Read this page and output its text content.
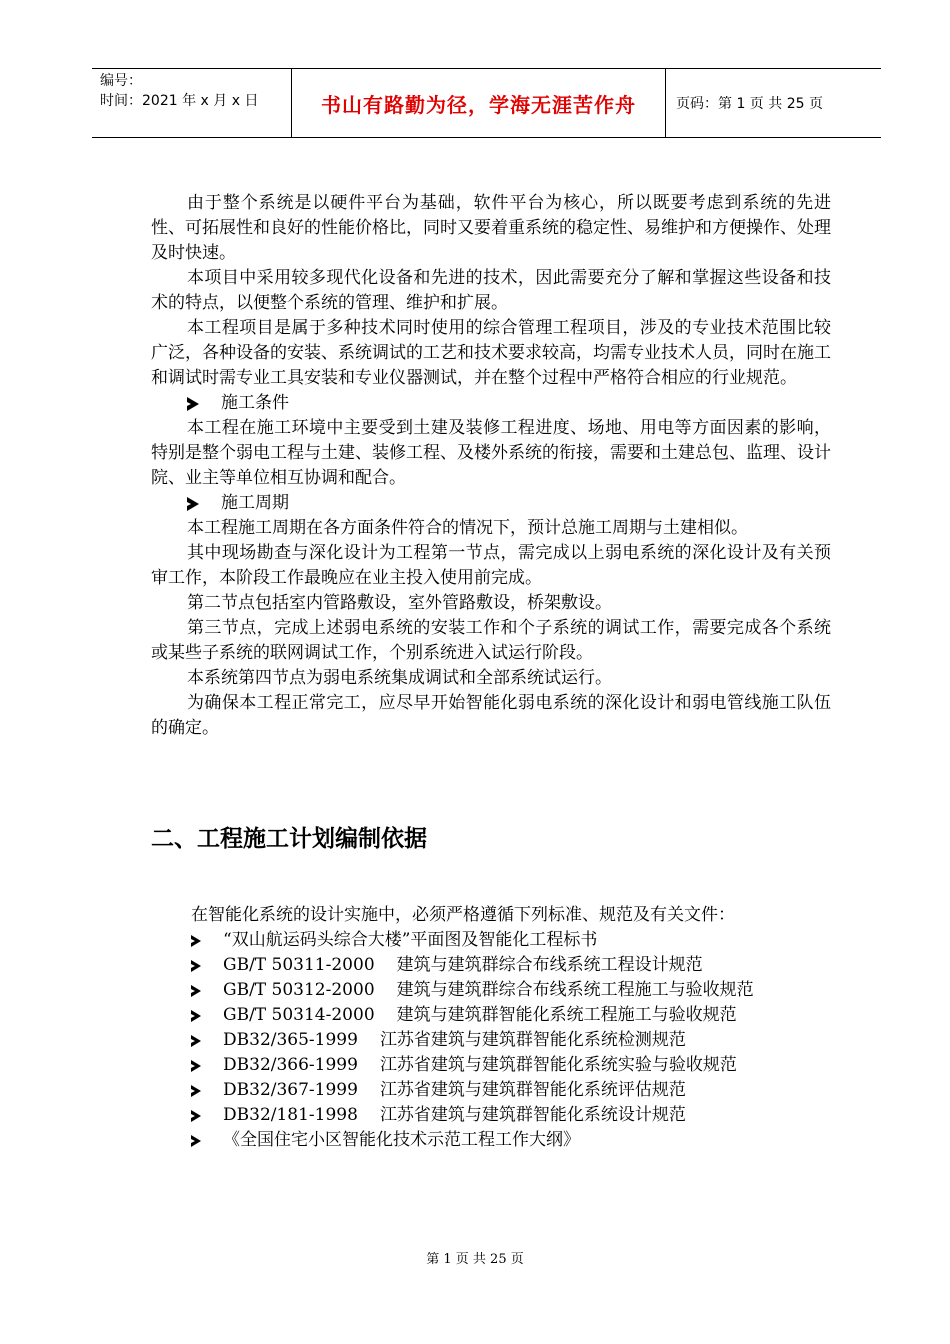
编号：
时间：2021 年 x 月 x 日	书山有路勤为径，学海无涯苦作舟	页码：第 1 页 共 25 页

由于整个系统是以硬件平台为基础，软件平台为核心，所以既要考虑到系统的先进性、可拓展性和良好的性能价格比，同时又要着重系统的稳定性、易维护和方便操作、处理及时快速。

本项目中采用较多现代化设备和先进的技术，因此需要充分了解和掌握这些设备和技术的特点，以便整个系统的管理、维护和扩展。

本工程项目是属于多种技术同时使用的综合管理工程项目，涉及的专业技术范围比较广泛，各种设备的安装、系统调试的工艺和技术要求较高，均需专业技术人员，同时在施工和调试时需专业工具安装和专业仪器测试，并在整个过程中严格符合相应的行业规范。

施工条件

本工程在施工环境中主要受到土建及装修工程进度、场地、用电等方面因素的影响，特别是整个弱电工程与土建、装修工程、及楼外系统的衔接，需要和土建总包、监理、设计院、业主等单位相互协调和配合。

施工周期

本工程施工周期在各方面条件符合的情况下，预计总施工周期与土建相似。

其中现场勘查与深化设计为工程第一节点，需完成以上弱电系统的深化设计及有关预审工作，本阶段工作最晚应在业主投入使用前完成。

第二节点包括室内管路敷设，室外管路敷设，桥架敷设。

第三节点，完成上述弱电系统的安装工作和个子系统的调试工作，需要完成各个系统或某些子系统的联网调试工作，个别系统进入试运行阶段。

本系统第四节点为弱电系统集成调试和全部系统试运行。

为确保本工程正常完工，应尽早开始智能化弱电系统的深化设计和弱电管线施工队伍的确定。

二、工程施工计划编制依据

在智能化系统的设计实施中，必须严格遵循下列标准、规范及有关文件：

“双山航运码头综合大楼”平面图及智能化工程标书
GB/T 50311-2000 建筑与建筑群综合布线系统工程设计规范
GB/T 50312-2000 建筑与建筑群综合布线系统工程施工与验收规范
GB/T 50314-2000 建筑与建筑群智能化系统工程施工与验收规范
DB32/365-1999 江苏省建筑与建筑群智能化系统检测规范
DB32/366-1999 江苏省建筑与建筑群智能化系统实验与验收规范
DB32/367-1999 江苏省建筑与建筑群智能化系统评估规范
DB32/181-1998 江苏省建筑与建筑群智能化系统设计规范
《全国住宅小区智能化技术示范工程工作大纲》
第 1 页 共 25 页
